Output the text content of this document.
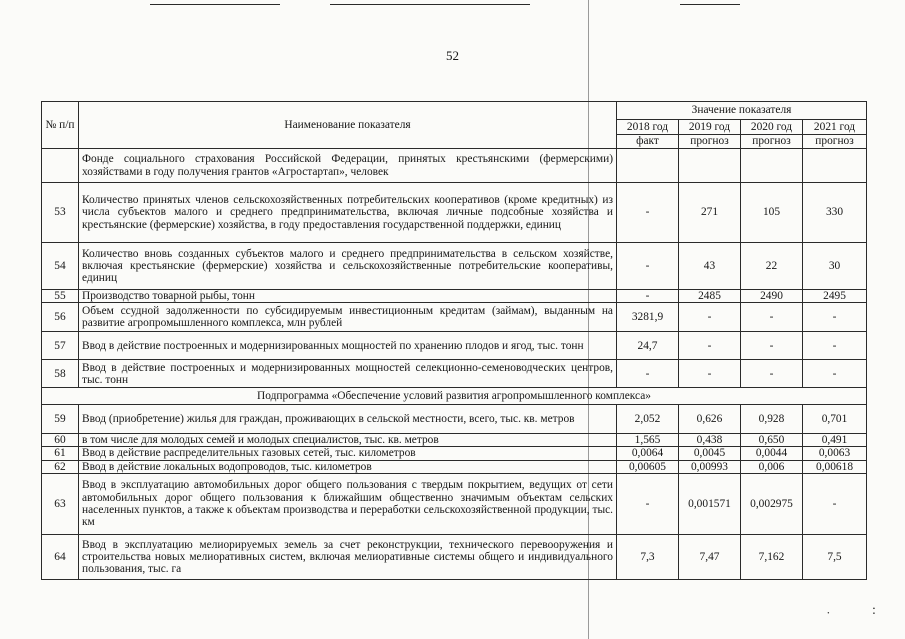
52
№ п/п	Наименование показателя	Значение показателя			
		2018 год	2019 год	2020 год	2021 год
		факт	прогноз	прогноз	прогноз
	Фонде социального страхования Российской Федерации, принятых крестьянскими (фермерскими) хозяйствами в году получения грантов «Агростартап», человек				
53	Количество принятых членов сельскохозяйственных потребительских кооперативов (кроме кредитных) из числа субъектов малого и среднего предпринимательства, включая личные подсобные хозяйства и крестьянские (фермерские) хозяйства, в году предоставления государственной поддержки, единиц	-	271	105	330
54	Количество вновь созданных субъектов малого и среднего предпринимательства в сельском хозяйстве, включая крестьянские (фермерские) хозяйства и сельскохозяйственные потребительские кооперативы, единиц	-	43	22	30
55	Производство товарной рыбы, тонн	-	2485	2490	2495
56	Объем ссудной задолженности по субсидируемым инвестиционным кредитам (займам), выданным на развитие агропромышленного комплекса, млн рублей	3281,9	-	-	-
57	Ввод в действие построенных и модернизированных мощностей по хранению плодов и ягод, тыс. тонн	24,7	-	-	-
58	Ввод в действие построенных и модернизированных мощностей селекционно-семеноводческих центров, тыс. тонн	-	-	-	-
Подпрограмма «Обеспечение условий развития агропромышленного комплекса»					
59	Ввод (приобретение) жилья для граждан, проживающих в сельской местности, всего, тыс. кв. метров	2,052	0,626	0,928	0,701
60	в том числе для молодых семей и молодых специалистов, тыс. кв. метров	1,565	0,438	0,650	0,491
61	Ввод в действие распределительных газовых сетей, тыс. километров	0,0064	0,0045	0,0044	0,0063
62	Ввод в действие локальных водопроводов, тыс. километров	0,00605	0,00993	0,006	0,00618
63	Ввод в эксплуатацию автомобильных дорог общего пользования с твердым покрытием, ведущих от сети автомобильных дорог общего пользования к ближайшим общественно значимым объектам сельских населенных пунктов, а также к объектам производства и переработки сельскохозяйственной продукции, тыс. км	-	0,001571	0,002975	-
64	Ввод в эксплуатацию мелиорируемых земель за счет реконструкции, технического перевооружения и строительства новых мелиоративных систем, включая мелиоративные системы общего и индивидуального пользования, тыс. га	7,3	7,47	7,162	7,5
˙	:
